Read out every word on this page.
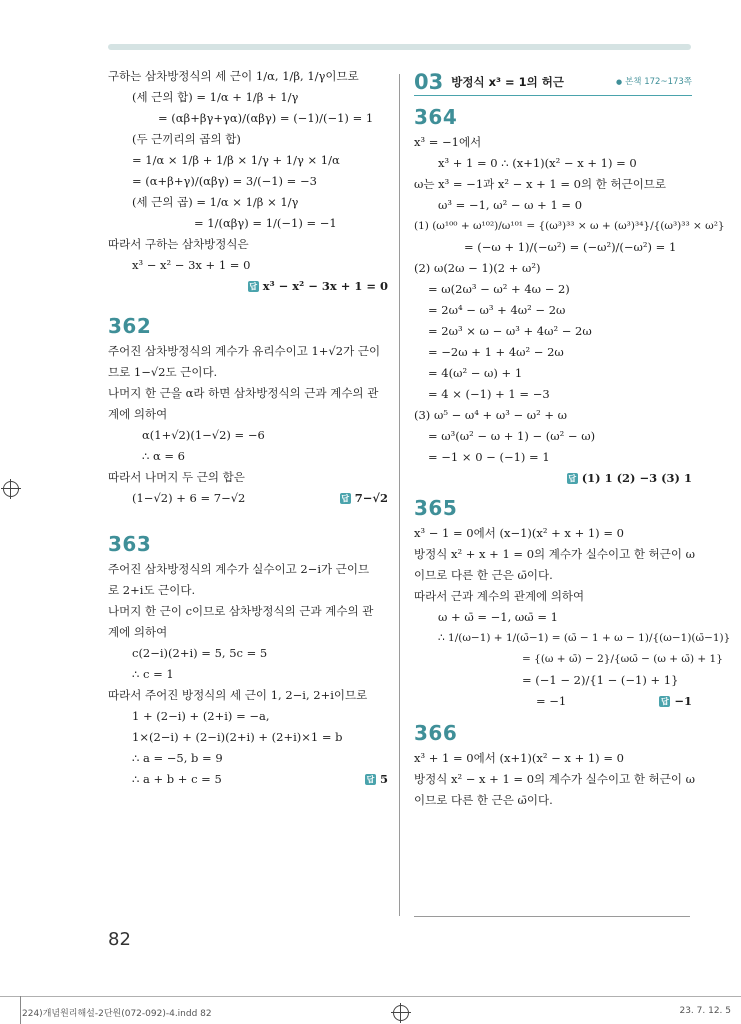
구하는 삼차방정식의 세 근이 1/α, 1/β, 1/γ이므로
(세 근의 합) = 1/α + 1/β + 1/γ
= (αβ+βγ+γα)/(αβγ) = (−1)/(−1) = 1
(두 근끼리의 곱의 합)
= 1/α × 1/β + 1/β × 1/γ + 1/γ × 1/α
= (α+β+γ)/(αβγ) = 3/(−1) = −3
(세 근의 곱) = 1/α × 1/β × 1/γ
= 1/(αβγ) = 1/(−1) = −1
따라서 구하는 삼차방정식은
x³ − x² − 3x + 1 = 0
답 x³ − x² − 3x + 1 = 0
362
주어진 삼차방정식의 계수가 유리수이고 1+√2가 근이
므로 1−√2도 근이다.
나머지 한 근을 α라 하면 삼차방정식의 근과 계수의 관
계에 의하여
α(1+√2)(1−√2) = −6
∴ α = 6
따라서 나머지 두 근의 합은
(1−√2) + 6 = 7−√2	답 7−√2
363
주어진 삼차방정식의 계수가 실수이고 2−i가 근이므
로 2+i도 근이다.
나머지 한 근이 c이므로 삼차방정식의 근과 계수의 관
계에 의하여
c(2−i)(2+i) = 5, 5c = 5
∴ c = 1
따라서 주어진 방정식의 세 근이 1, 2−i, 2+i이므로
1 + (2−i) + (2+i) = −a,
1×(2−i) + (2−i)(2+i) + (2+i)×1 = b
∴ a = −5, b = 9
∴ a + b + c = 5	답 5
03 방정식 x³ = 1의 허근
●	본책 172~173쪽
364
x³ = −1에서
x³ + 1 = 0 ∴ (x+1)(x² − x + 1) = 0
ω는 x³ = −1과 x² − x + 1 = 0의 한 허근이므로
ω³ = −1, ω² − ω + 1 = 0
(1) (ω¹⁰⁰ + ω¹⁰²)/ω¹⁰¹ = {(ω³)³³ × ω + (ω³)³⁴}/{(ω³)³³ × ω²}
= (−ω + 1)/(−ω²) = (−ω²)/(−ω²) = 1
(2) ω(2ω − 1)(2 + ω²)
= ω(2ω³ − ω² + 4ω − 2)
= 2ω⁴ − ω³ + 4ω² − 2ω
= 2ω³ × ω − ω³ + 4ω² − 2ω
= −2ω + 1 + 4ω² − 2ω
= 4(ω² − ω) + 1
= 4 × (−1) + 1 = −3
(3) ω⁵ − ω⁴ + ω³ − ω² + ω
= ω³(ω² − ω + 1) − (ω² − ω)
= −1 × 0 − (−1) = 1
답 (1) 1 (2) −3 (3) 1
365
x³ − 1 = 0에서 (x−1)(x² + x + 1) = 0
방정식 x² + x + 1 = 0의 계수가 실수이고 한 허근이 ω
이므로 다른 한 근은 ω̄이다.
따라서 근과 계수의 관계에 의하여
ω + ω̄ = −1, ωω̄ = 1
∴ 1/(ω−1) + 1/(ω̄−1) = (ω̄ − 1 + ω − 1)/{(ω−1)(ω̄−1)}
= {(ω + ω̄) − 2}/{ωω̄ − (ω + ω̄) + 1}
= (−1 − 2)/{1 − (−1) + 1}
= −1	답 −1
366
x³ + 1 = 0에서 (x+1)(x² − x + 1) = 0
방정식 x² − x + 1 = 0의 계수가 실수이고 한 허근이 ω
이므로 다른 한 근은 ω̄이다.
82
224)개념원리해설-2단원(072-092)-4.indd 82	23. 7. 12. 5
